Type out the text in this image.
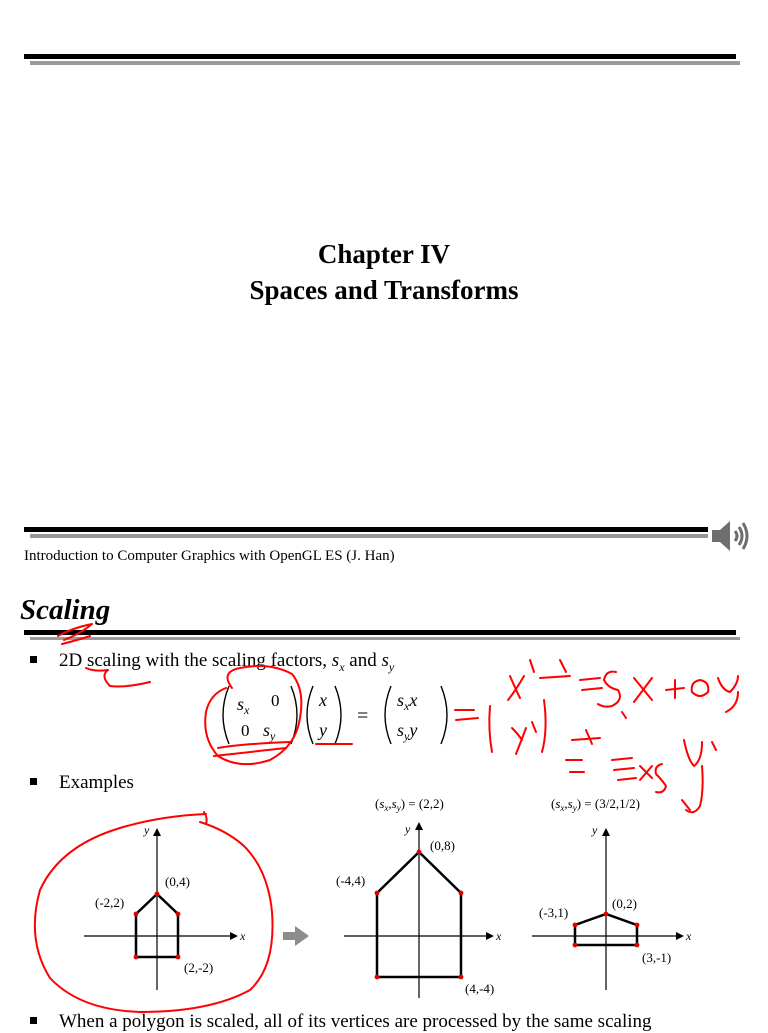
Chapter IV
Spaces and Transforms
Introduction to Computer Graphics with OpenGL ES (J. Han)
Scaling
2D scaling with the scaling factors, $s_x$ and $s_y$
$s_x$ 0
0 $s_y$
x
y
=
$s_xx$
$s_yy$
Examples
x
y
(0,4)
(-2,2)
(2,-2)
$(s_x,s_y) = (2,2)$
x
y
(0,8)
(-4,4)
(4,-4)
$(s_x,s_y) = (3/2,1/2)$
x
y
(0,2)
(-3,1)
(3,-1)
When a polygon is scaled, all of its vertices are processed by the same scaling
